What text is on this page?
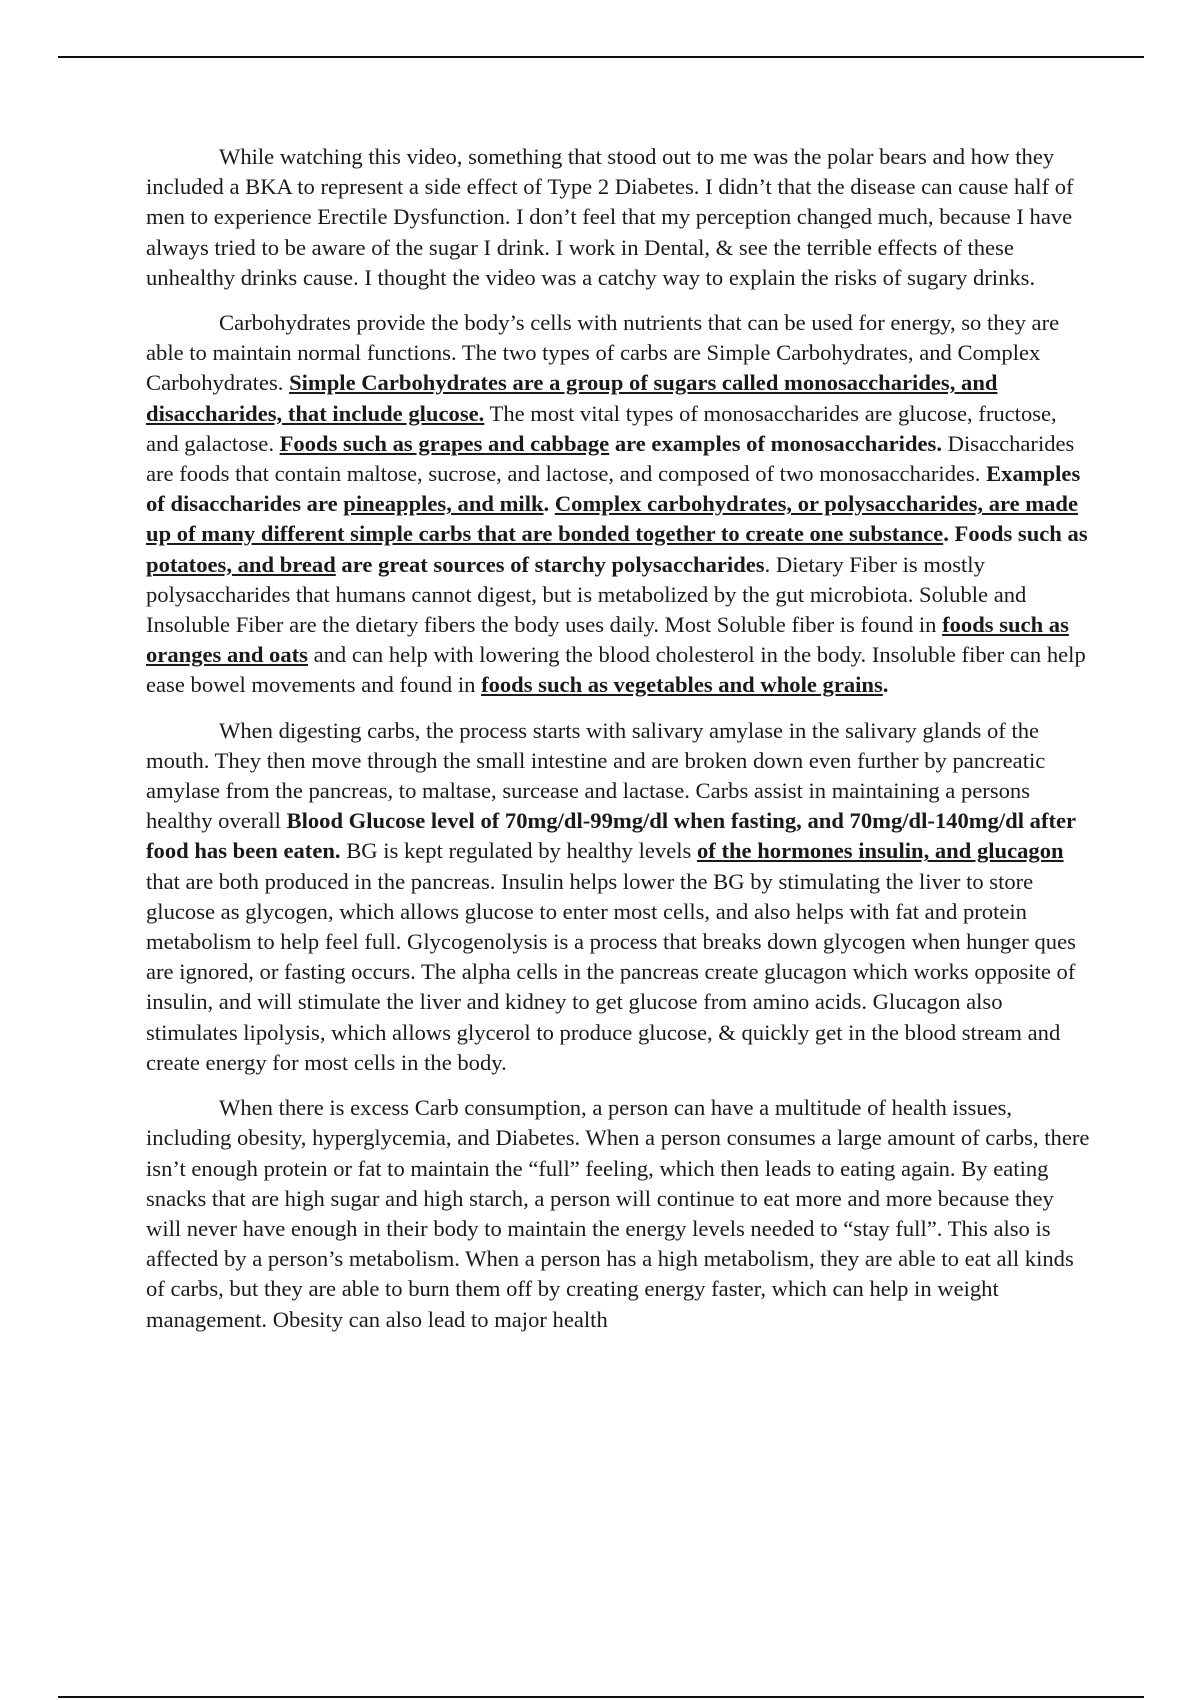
While watching this video, something that stood out to me was the polar bears and how they included a BKA to represent a side effect of Type 2 Diabetes. I didn’t that the disease can cause half of men to experience Erectile Dysfunction. I don’t feel that my perception changed much, because I have always tried to be aware of the sugar I drink. I work in Dental, & see the terrible effects of these unhealthy drinks cause. I thought the video was a catchy way to explain the risks of sugary drinks.

Carbohydrates provide the body’s cells with nutrients that can be used for energy, so they are able to maintain normal functions. The two types of carbs are Simple Carbohydrates, and Complex Carbohydrates. Simple Carbohydrates are a group of sugars called monosaccharides, and disaccharides, that include glucose. The most vital types of monosaccharides are glucose, fructose, and galactose. Foods such as grapes and cabbage are examples of monosaccharides. Disaccharides are foods that contain maltose, sucrose, and lactose, and composed of two monosaccharides. Examples of disaccharides are pineapples, and milk. Complex carbohydrates, or polysaccharides, are made up of many different simple carbs that are bonded together to create one substance. Foods such as potatoes, and bread are great sources of starchy polysaccharides. Dietary Fiber is mostly polysaccharides that humans cannot digest, but is metabolized by the gut microbiota. Soluble and Insoluble Fiber are the dietary fibers the body uses daily. Most Soluble fiber is found in foods such as oranges and oats and can help with lowering the blood cholesterol in the body. Insoluble fiber can help ease bowel movements and found in foods such as vegetables and whole grains.

When digesting carbs, the process starts with salivary amylase in the salivary glands of the mouth. They then move through the small intestine and are broken down even further by pancreatic amylase from the pancreas, to maltase, surcease and lactase. Carbs assist in maintaining a persons healthy overall Blood Glucose level of 70mg/dl-99mg/dl when fasting, and 70mg/dl-140mg/dl after food has been eaten. BG is kept regulated by healthy levels of the hormones insulin, and glucagon that are both produced in the pancreas. Insulin helps lower the BG by stimulating the liver to store glucose as glycogen, which allows glucose to enter most cells, and also helps with fat and protein metabolism to help feel full. Glycogenolysis is a process that breaks down glycogen when hunger ques are ignored, or fasting occurs. The alpha cells in the pancreas create glucagon which works opposite of insulin, and will stimulate the liver and kidney to get glucose from amino acids. Glucagon also stimulates lipolysis, which allows glycerol to produce glucose, & quickly get in the blood stream and create energy for most cells in the body.

When there is excess Carb consumption, a person can have a multitude of health issues, including obesity, hyperglycemia, and Diabetes. When a person consumes a large amount of carbs, there isn’t enough protein or fat to maintain the “full” feeling, which then leads to eating again. By eating snacks that are high sugar and high starch, a person will continue to eat more and more because they will never have enough in their body to maintain the energy levels needed to “stay full”. This also is affected by a person’s metabolism. When a person has a high metabolism, they are able to eat all kinds of carbs, but they are able to burn them off by creating energy faster, which can help in weight management. Obesity can also lead to major health
